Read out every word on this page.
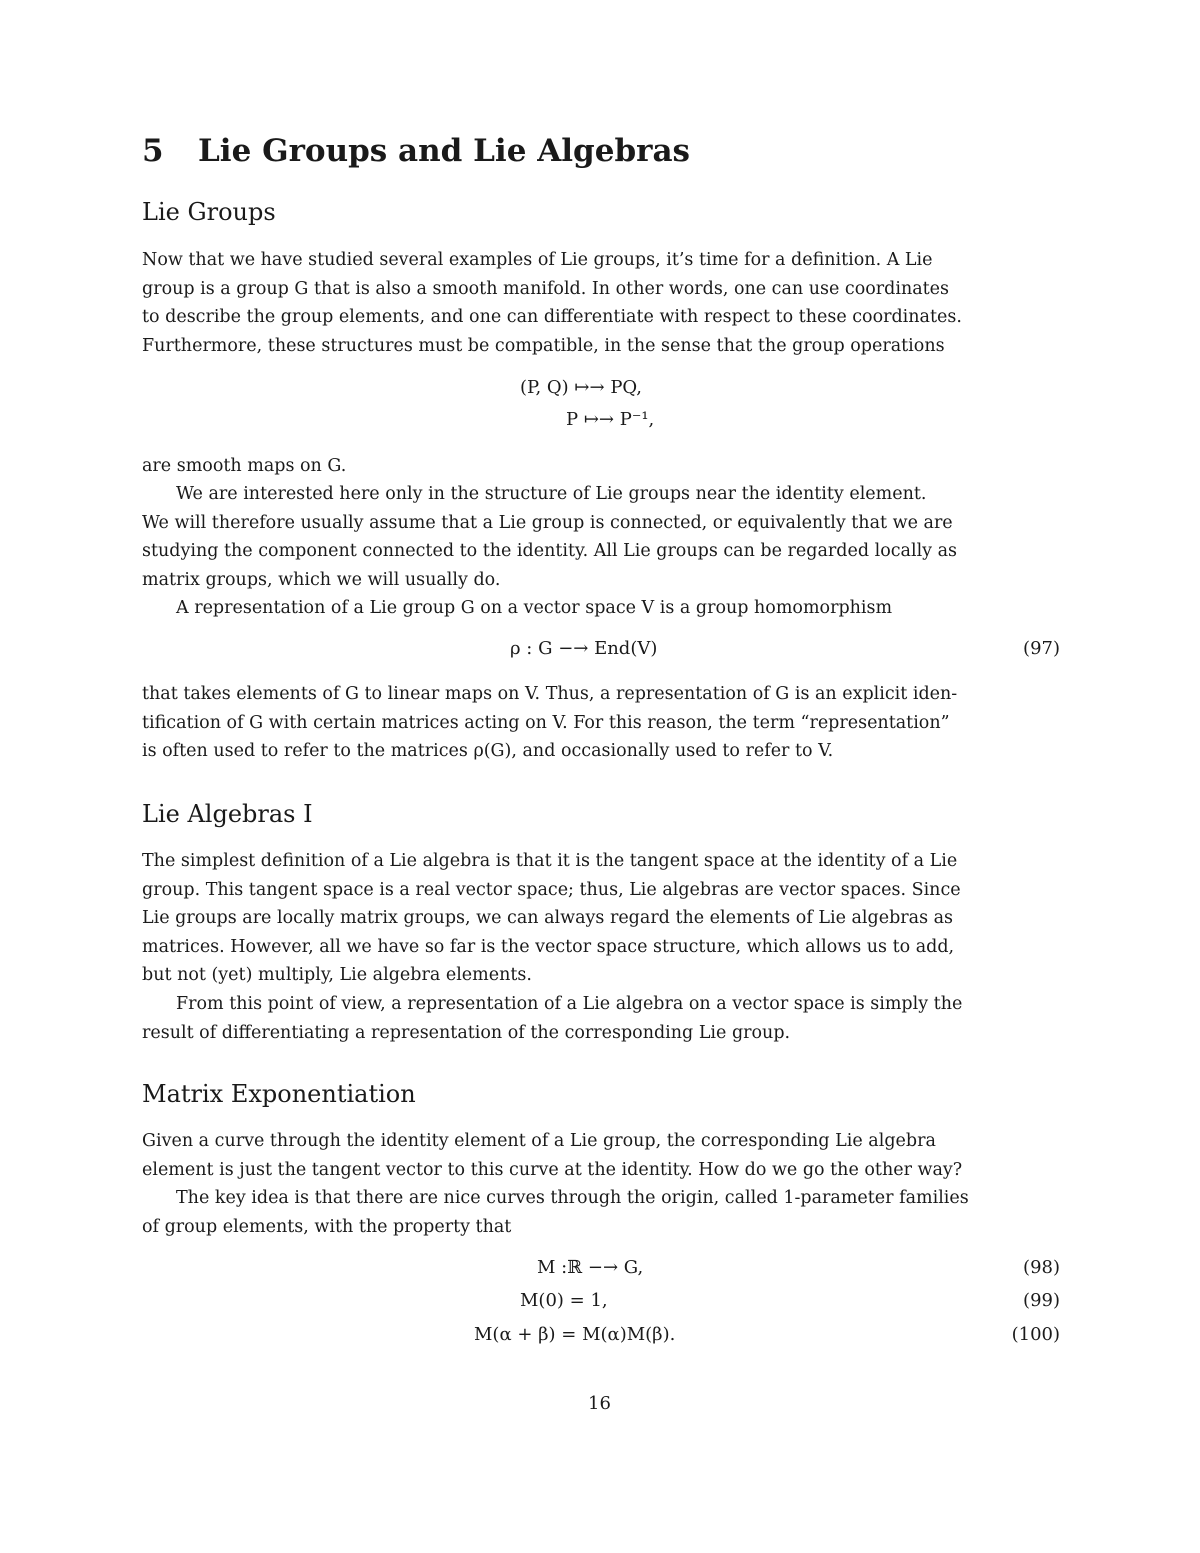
5 Lie Groups and Lie Algebras
Lie Groups
Now that we have studied several examples of Lie groups, it’s time for a definition. A Lie
group is a group G that is also a smooth manifold. In other words, one can use coordinates
to describe the group elements, and one can differentiate with respect to these coordinates.
Furthermore, these structures must be compatible, in the sense that the group operations
(P, Q) ↦→ PQ,
P ↦→ P⁻¹,
are smooth maps on G.
We are interested here only in the structure of Lie groups near the identity element.
We will therefore usually assume that a Lie group is connected, or equivalently that we are
studying the component connected to the identity. All Lie groups can be regarded locally as
matrix groups, which we will usually do.
A representation of a Lie group G on a vector space V is a group homomorphism
ρ : G −→ End(V)	(97)
that takes elements of G to linear maps on V. Thus, a representation of G is an explicit iden-
tification of G with certain matrices acting on V. For this reason, the term “representation”
is often used to refer to the matrices ρ(G), and occasionally used to refer to V.
Lie Algebras I
The simplest definition of a Lie algebra is that it is the tangent space at the identity of a Lie
group. This tangent space is a real vector space; thus, Lie algebras are vector spaces. Since
Lie groups are locally matrix groups, we can always regard the elements of Lie algebras as
matrices. However, all we have so far is the vector space structure, which allows us to add,
but not (yet) multiply, Lie algebra elements.
From this point of view, a representation of a Lie algebra on a vector space is simply the
result of differentiating a representation of the corresponding Lie group.
Matrix Exponentiation
Given a curve through the identity element of a Lie group, the corresponding Lie algebra
element is just the tangent vector to this curve at the identity. How do we go the other way?
The key idea is that there are nice curves through the origin, called 1-parameter families
of group elements, with the property that
M :ℝ −→ G,	(98)
M(0) = 1,	(99)
M(α + β) = M(α)M(β).	(100)
16
